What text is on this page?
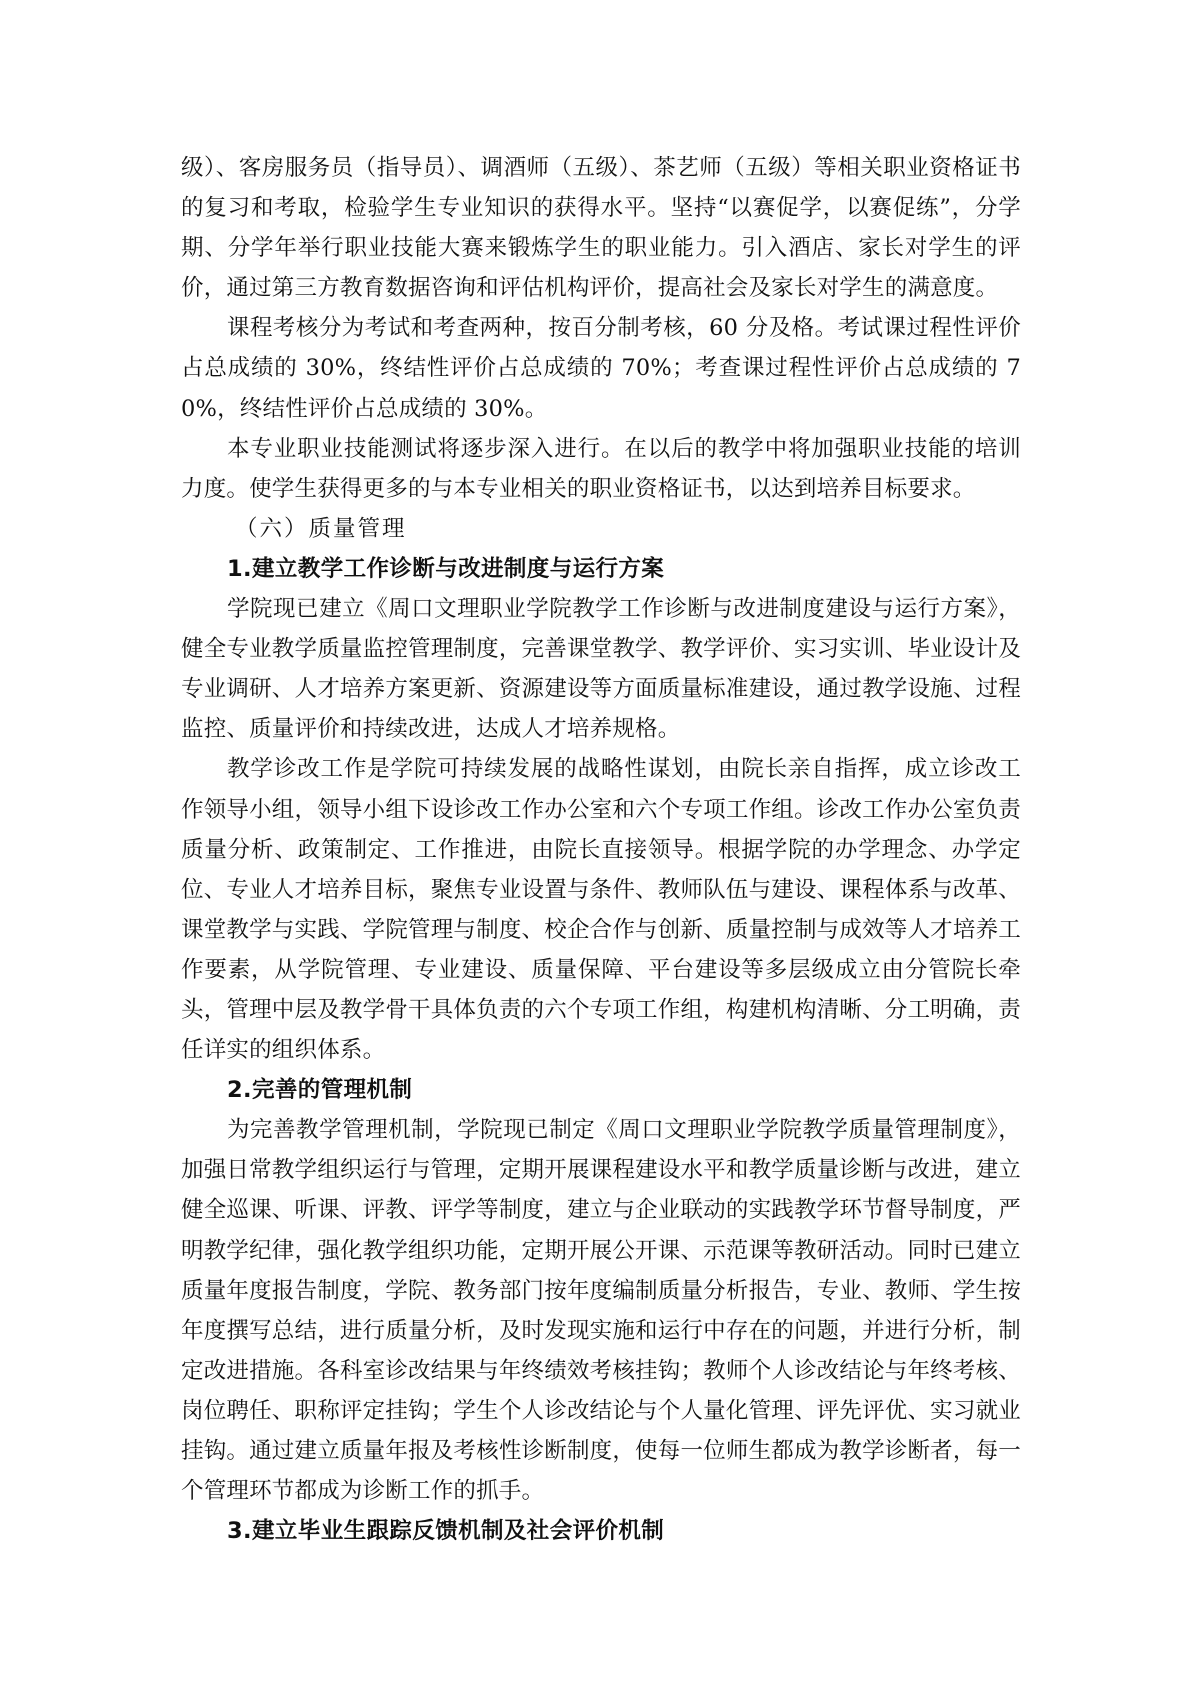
级）、客房服务员（指导员）、调酒师（五级）、茶艺师（五级）等相关职业资格证书的复习和考取，检验学生专业知识的获得水平。坚持“以赛促学，以赛促练”，分学期、分学年举行职业技能大赛来锻炼学生的职业能力。引入酒店、家长对学生的评价，通过第三方教育数据咨询和评估机构评价，提高社会及家长对学生的满意度。

课程考核分为考试和考查两种，按百分制考核，60 分及格。考试课过程性评价占总成绩的 30%，终结性评价占总成绩的 70%；考查课过程性评价占总成绩的 70%，终结性评价占总成绩的 30%。

本专业职业技能测试将逐步深入进行。在以后的教学中将加强职业技能的培训力度。使学生获得更多的与本专业相关的职业资格证书，以达到培养目标要求。

（六）质量管理

1.建立教学工作诊断与改进制度与运行方案

学院现已建立《周口文理职业学院教学工作诊断与改进制度建设与运行方案》，健全专业教学质量监控管理制度，完善课堂教学、教学评价、实习实训、毕业设计及专业调研、人才培养方案更新、资源建设等方面质量标准建设，通过教学设施、过程监控、质量评价和持续改进，达成人才培养规格。

教学诊改工作是学院可持续发展的战略性谋划，由院长亲自指挥，成立诊改工作领导小组，领导小组下设诊改工作办公室和六个专项工作组。诊改工作办公室负责质量分析、政策制定、工作推进，由院长直接领导。根据学院的办学理念、办学定位、专业人才培养目标，聚焦专业设置与条件、教师队伍与建设、课程体系与改革、课堂教学与实践、学院管理与制度、校企合作与创新、质量控制与成效等人才培养工作要素，从学院管理、专业建设、质量保障、平台建设等多层级成立由分管院长牵头，管理中层及教学骨干具体负责的六个专项工作组，构建机构清晰、分工明确，责任详实的组织体系。

2.完善的管理机制

为完善教学管理机制，学院现已制定《周口文理职业学院教学质量管理制度》，加强日常教学组织运行与管理，定期开展课程建设水平和教学质量诊断与改进，建立健全巡课、听课、评教、评学等制度，建立与企业联动的实践教学环节督导制度，严明教学纪律，强化教学组织功能，定期开展公开课、示范课等教研活动。同时已建立质量年度报告制度，学院、教务部门按年度编制质量分析报告，专业、教师、学生按年度撰写总结，进行质量分析，及时发现实施和运行中存在的问题，并进行分析，制定改进措施。各科室诊改结果与年终绩效考核挂钩；教师个人诊改结论与年终考核、岗位聘任、职称评定挂钩；学生个人诊改结论与个人量化管理、评先评优、实习就业挂钩。通过建立质量年报及考核性诊断制度，使每一位师生都成为教学诊断者，每一个管理环节都成为诊断工作的抓手。

3.建立毕业生跟踪反馈机制及社会评价机制
